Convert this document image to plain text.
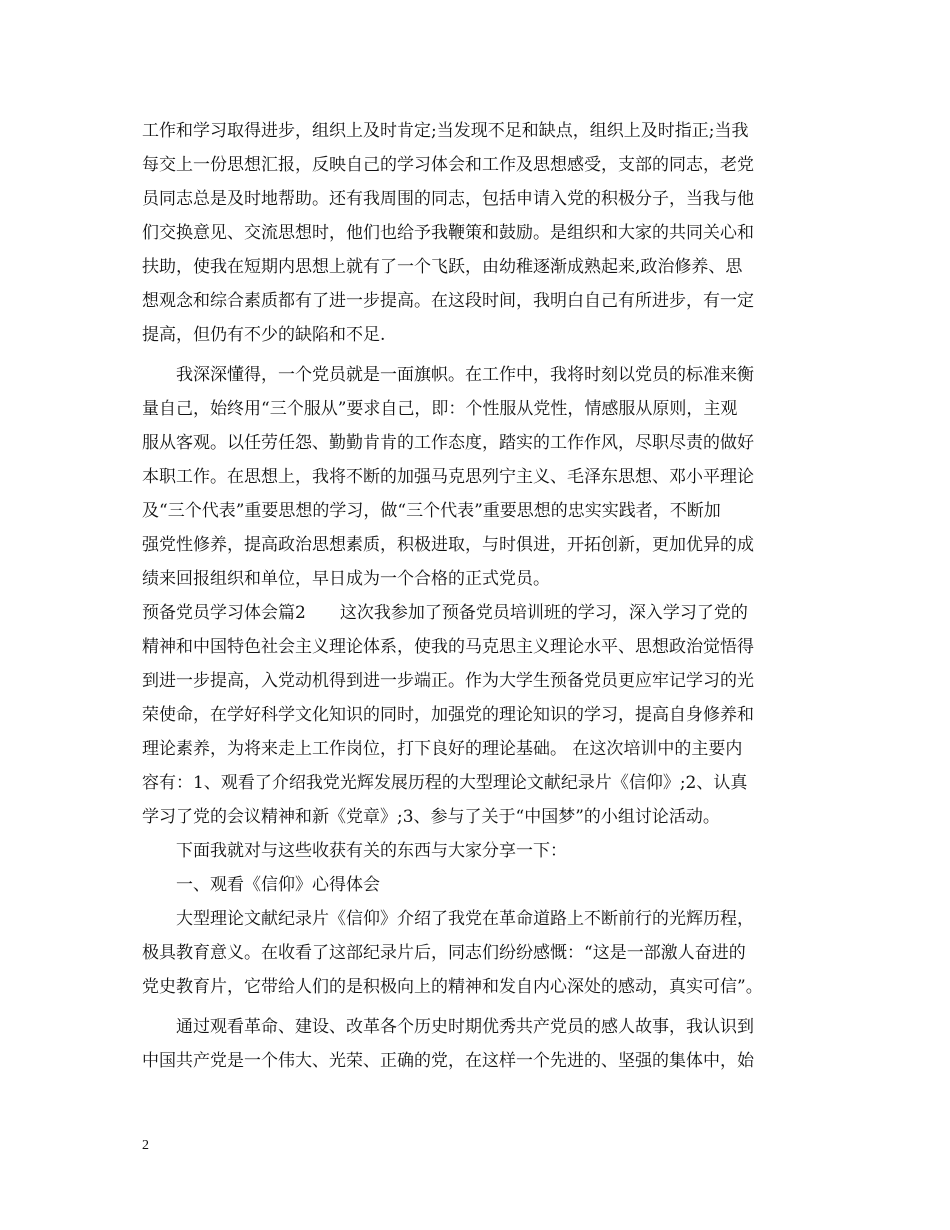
工作和学习取得进步，组织上及时肯定;当发现不足和缺点，组织上及时指正;当我
每交上一份思想汇报，反映自己的学习体会和工作及思想感受，支部的同志，老党
员同志总是及时地帮助。还有我周围的同志，包括申请入党的积极分子，当我与他
们交换意见、交流思想时，他们也给予我鞭策和鼓励。是组织和大家的共同关心和
扶助，使我在短期内思想上就有了一个飞跃，由幼稚逐渐成熟起来,政治修养、思
想观念和综合素质都有了进一步提高。在这段时间，我明白自己有所进步，有一定
提高，但仍有不少的缺陷和不足.
我深深懂得，一个党员就是一面旗帜。在工作中，我将时刻以党员的标准来衡
量自己，始终用“三个服从”要求自己，即：个性服从党性，情感服从原则，主观
服从客观。以任劳任怨、勤勤肯肯的工作态度，踏实的工作作风，尽职尽责的做好
本职工作。在思想上，我将不断的加强马克思列宁主义、毛泽东思想、邓小平理论
及“三个代表”重要思想的学习，做“三个代表”重要思想的忠实实践者，不断加
强党性修养，提高政治思想素质，积极进取，与时俱进，开拓创新，更加优异的成
绩来回报组织和单位，早日成为一个合格的正式党员。
预备党员学习体会篇2　　这次我参加了预备党员培训班的学习，深入学习了党的
精神和中国特色社会主义理论体系，使我的马克思主义理论水平、思想政治觉悟得
到进一步提高，入党动机得到进一步端正。作为大学生预备党员更应牢记学习的光
荣使命，在学好科学文化知识的同时，加强党的理论知识的学习，提高自身修养和
理论素养，为将来走上工作岗位，打下良好的理论基础。 在这次培训中的主要内
容有：1、观看了介绍我党光辉发展历程的大型理论文献纪录片《信仰》;2、认真
学习了党的会议精神和新《党章》;3、参与了关于“中国梦”的小组讨论活动。
下面我就对与这些收获有关的东西与大家分享一下：
一、观看《信仰》心得体会
大型理论文献纪录片《信仰》介绍了我党在革命道路上不断前行的光辉历程，
极具教育意义。在收看了这部纪录片后，同志们纷纷感慨：“这是一部激人奋进的
党史教育片，它带给人们的是积极向上的精神和发自内心深处的感动，真实可信”。
通过观看革命、建设、改革各个历史时期优秀共产党员的感人故事，我认识到
中国共产党是一个伟大、光荣、正确的党，在这样一个先进的、坚强的集体中，始
2
